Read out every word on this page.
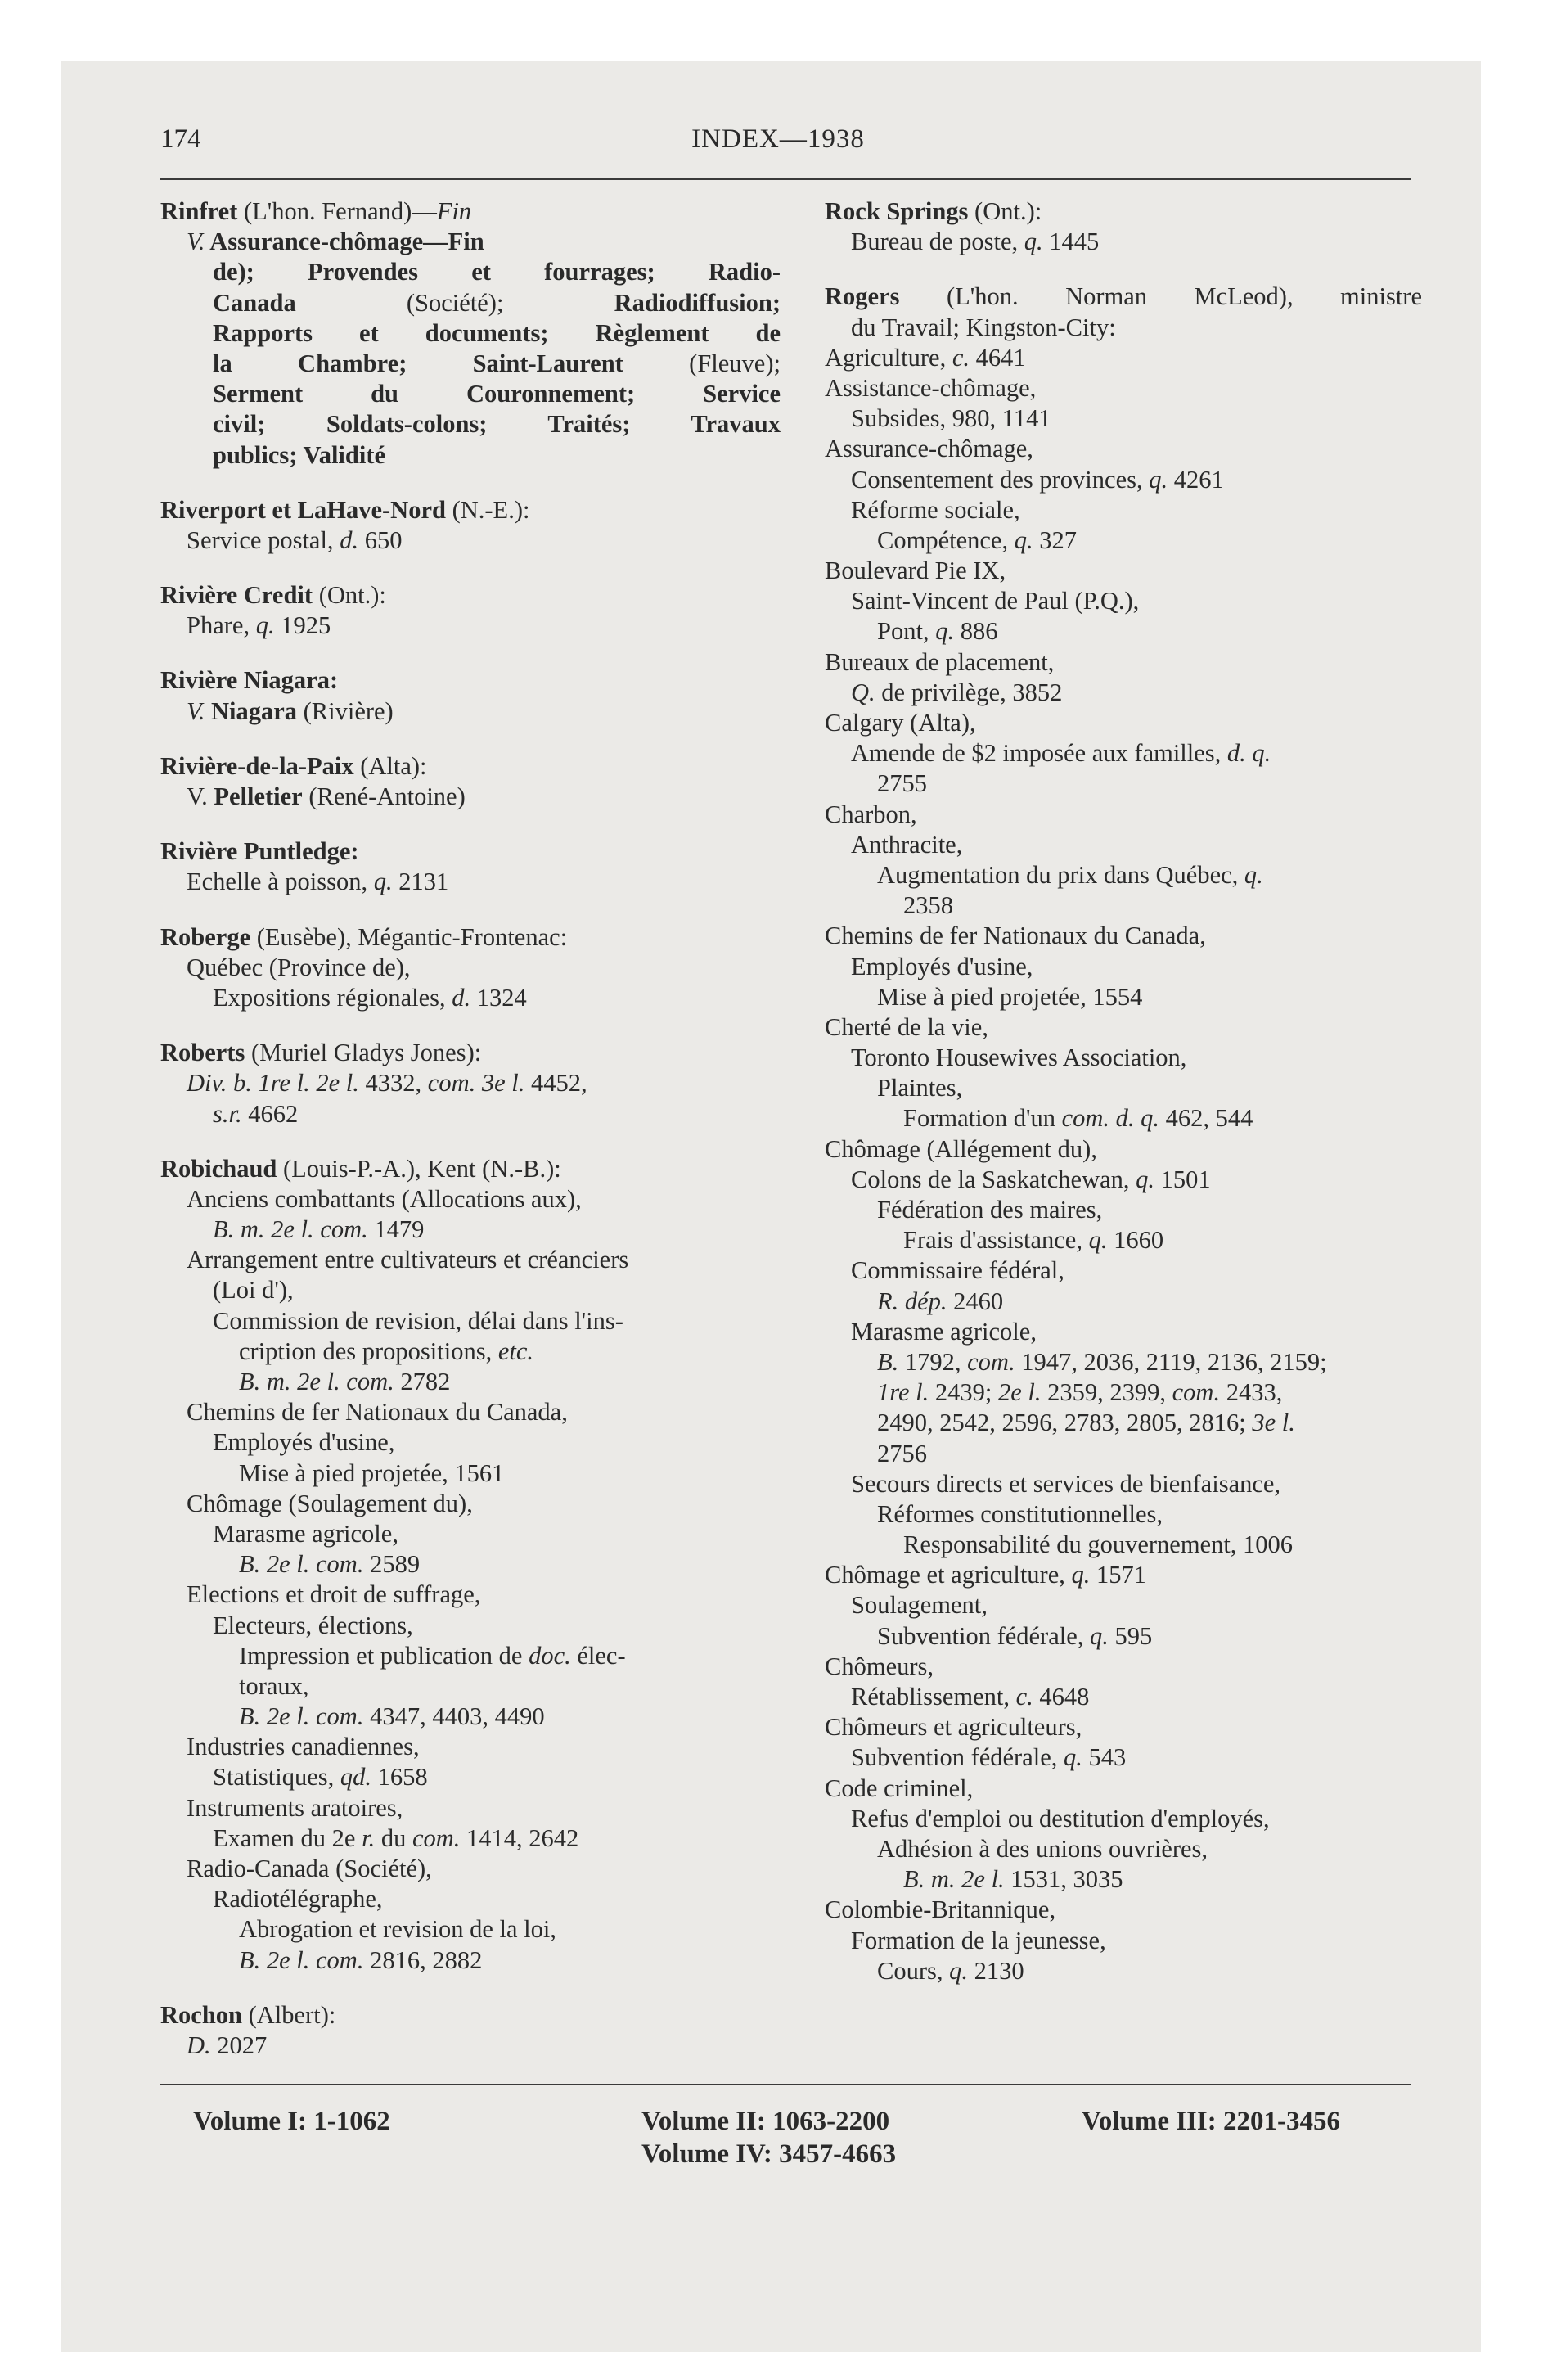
174	INDEX—1938
Rinfret (L'hon. Fernand)—Fin
V. Assurance-chômage—Fin
de); Provendes et fourrages; Radio-
Canada (Société); Radiodiffusion;
Rapports et documents; Règlement de
la Chambre; Saint-Laurent (Fleuve);
Serment du Couronnement; Service
civil; Soldats-colons; Traités; Travaux
publics; Validité
Riverport et LaHave-Nord (N.-E.):
Service postal, d. 650
Rivière Credit (Ont.):
Phare, q. 1925
Rivière Niagara:
V. Niagara (Rivière)
Rivière-de-la-Paix (Alta):
V. Pelletier (René-Antoine)
Rivière Puntledge:
Echelle à poisson, q. 2131
Roberge (Eusèbe), Mégantic-Frontenac:
Québec (Province de),
Expositions régionales, d. 1324
Roberts (Muriel Gladys Jones):
Div. b. 1re l. 2e l. 4332, com. 3e l. 4452,
s.r. 4662
Robichaud (Louis-P.-A.), Kent (N.-B.):
Anciens combattants (Allocations aux),
B. m. 2e l. com. 1479
Arrangement entre cultivateurs et créanciers
(Loi d'),
Commission de revision, délai dans l'ins-
cription des propositions, etc.
B. m. 2e l. com. 2782
Chemins de fer Nationaux du Canada,
Employés d'usine,
Mise à pied projetée, 1561
Chômage (Soulagement du),
Marasme agricole,
B. 2e l. com. 2589
Elections et droit de suffrage,
Electeurs, élections,
Impression et publication de doc. élec-
toraux,
B. 2e l. com. 4347, 4403, 4490
Industries canadiennes,
Statistiques, qd. 1658
Instruments aratoires,
Examen du 2e r. du com. 1414, 2642
Radio-Canada (Société),
Radiotélégraphe,
Abrogation et revision de la loi,
B. 2e l. com. 2816, 2882
Rochon (Albert):
D. 2027
Rock Springs (Ont.):
Bureau de poste, q. 1445
Rogers (L'hon. Norman McLeod), ministre
du Travail; Kingston-City:
Agriculture, c. 4641
Assistance-chômage,
Subsides, 980, 1141
Assurance-chômage,
Consentement des provinces, q. 4261
Réforme sociale,
Compétence, q. 327
Boulevard Pie IX,
Saint-Vincent de Paul (P.Q.),
Pont, q. 886
Bureaux de placement,
Q. de privilège, 3852
Calgary (Alta),
Amende de $2 imposée aux familles, d. q.
2755
Charbon,
Anthracite,
Augmentation du prix dans Québec, q.
2358
Chemins de fer Nationaux du Canada,
Employés d'usine,
Mise à pied projetée, 1554
Cherté de la vie,
Toronto Housewives Association,
Plaintes,
Formation d'un com. d. q. 462, 544
Chômage (Allégement du),
Colons de la Saskatchewan, q. 1501
Fédération des maires,
Frais d'assistance, q. 1660
Commissaire fédéral,
R. dép. 2460
Marasme agricole,
B. 1792, com. 1947, 2036, 2119, 2136, 2159;
1re l. 2439; 2e l. 2359, 2399, com. 2433,
2490, 2542, 2596, 2783, 2805, 2816; 3e l.
2756
Secours directs et services de bienfaisance,
Réformes constitutionnelles,
Responsabilité du gouvernement, 1006
Chômage et agriculture, q. 1571
Soulagement,
Subvention fédérale, q. 595
Chômeurs,
Rétablissement, c. 4648
Chômeurs et agriculteurs,
Subvention fédérale, q. 543
Code criminel,
Refus d'emploi ou destitution d'employés,
Adhésion à des unions ouvrières,
B. m. 2e l. 1531, 3035
Colombie-Britannique,
Formation de la jeunesse,
Cours, q. 2130
Volume I: 1-1062	Volume II: 1063-2200
Volume IV: 3457-4663
Volume III: 2201-3456
